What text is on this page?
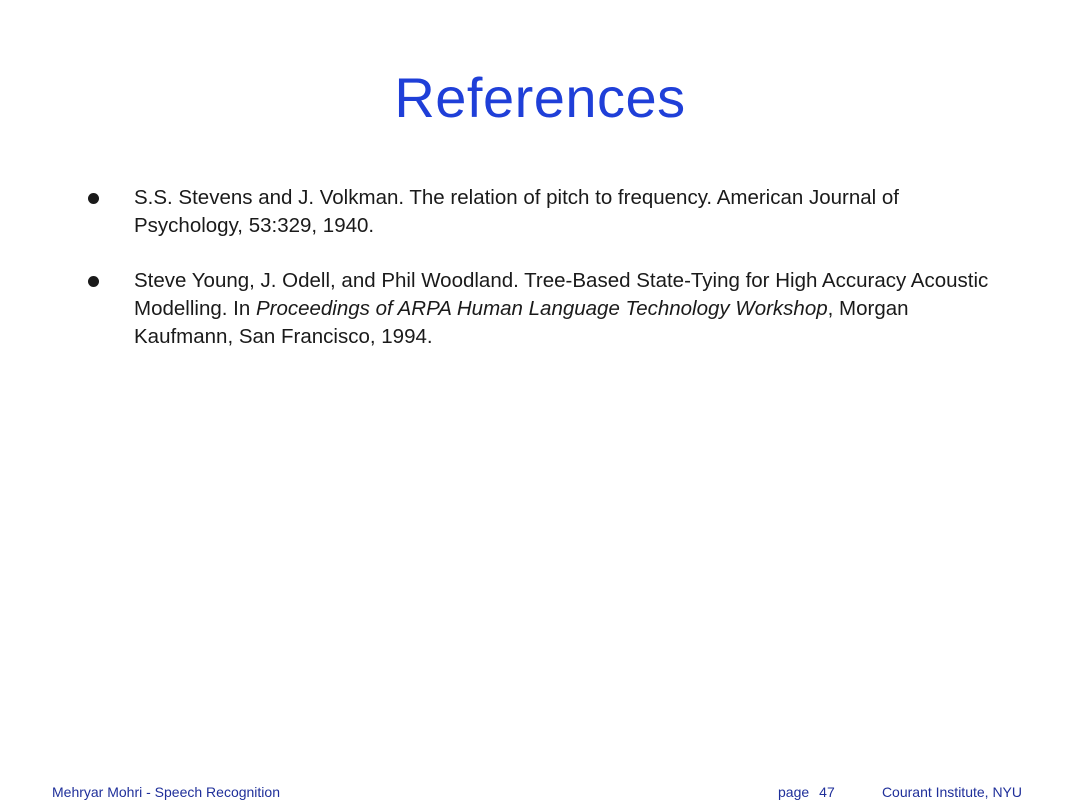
References
S.S. Stevens and J. Volkman. The relation of pitch to frequency. American Journal of Psychology, 53:329, 1940.
Steve Young, J. Odell, and Phil Woodland. Tree-Based State-Tying for High Accuracy Acoustic Modelling. In Proceedings of ARPA Human Language Technology Workshop, Morgan Kaufmann, San Francisco, 1994.
Mehryar Mohri - Speech Recognition	page 47	Courant Institute, NYU
